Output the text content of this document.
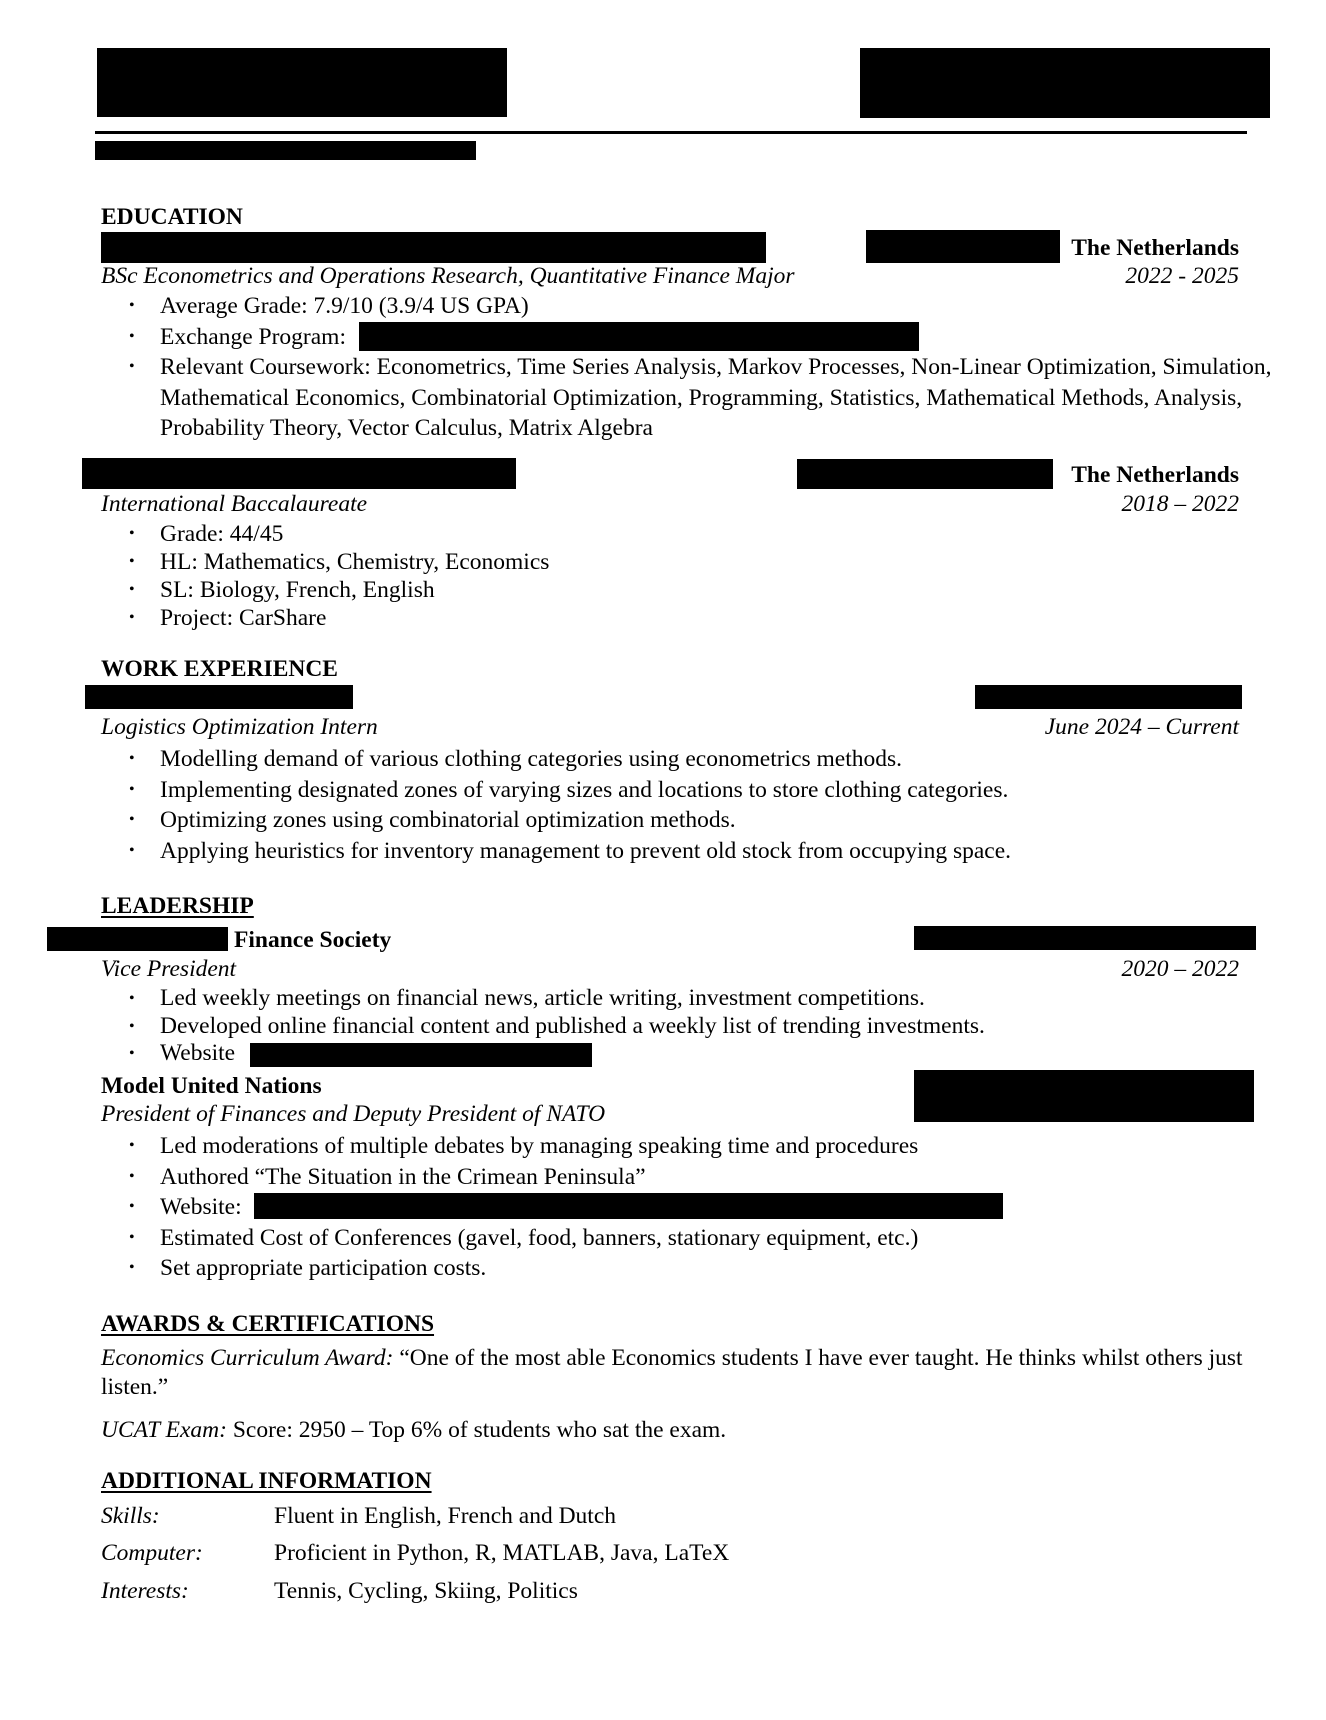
EDUCATION
The Netherlands
BSc Econometrics and Operations Research, Quantitative Finance Major	2022 - 2025
• Average Grade: 7.9/10 (3.9/4 US GPA)
• Exchange Program:
• Relevant Coursework: Econometrics, Time Series Analysis, Markov Processes, Non-Linear Optimization, Simulation, Mathematical Economics, Combinatorial Optimization, Programming, Statistics, Mathematical Methods, Analysis, Probability Theory, Vector Calculus, Matrix Algebra
The Netherlands
International Baccalaureate	2018 – 2022
• Grade: 44/45
• HL: Mathematics, Chemistry, Economics
• SL: Biology, French, English
• Project: CarShare
WORK EXPERIENCE
Logistics Optimization Intern	June 2024 – Current
• Modelling demand of various clothing categories using econometrics methods.
• Implementing designated zones of varying sizes and locations to store clothing categories.
• Optimizing zones using combinatorial optimization methods.
• Applying heuristics for inventory management to prevent old stock from occupying space.
LEADERSHIP
Finance Society
Vice President	2020 – 2022
• Led weekly meetings on financial news, article writing, investment competitions.
• Developed online financial content and published a weekly list of trending investments.
• Website
Model United Nations
President of Finances and Deputy President of NATO
• Led moderations of multiple debates by managing speaking time and procedures
• Authored “The Situation in the Crimean Peninsula”
• Website:
• Estimated Cost of Conferences (gavel, food, banners, stationary equipment, etc.)
• Set appropriate participation costs.
AWARDS & CERTIFICATIONS
Economics Curriculum Award: “One of the most able Economics students I have ever taught. He thinks whilst others just listen.”
UCAT Exam: Score: 2950 – Top 6% of students who sat the exam.
ADDITIONAL INFORMATION
Skills:	Fluent in English, French and Dutch
Computer:	Proficient in Python, R, MATLAB, Java, LaTeX
Interests:	Tennis, Cycling, Skiing, Politics
